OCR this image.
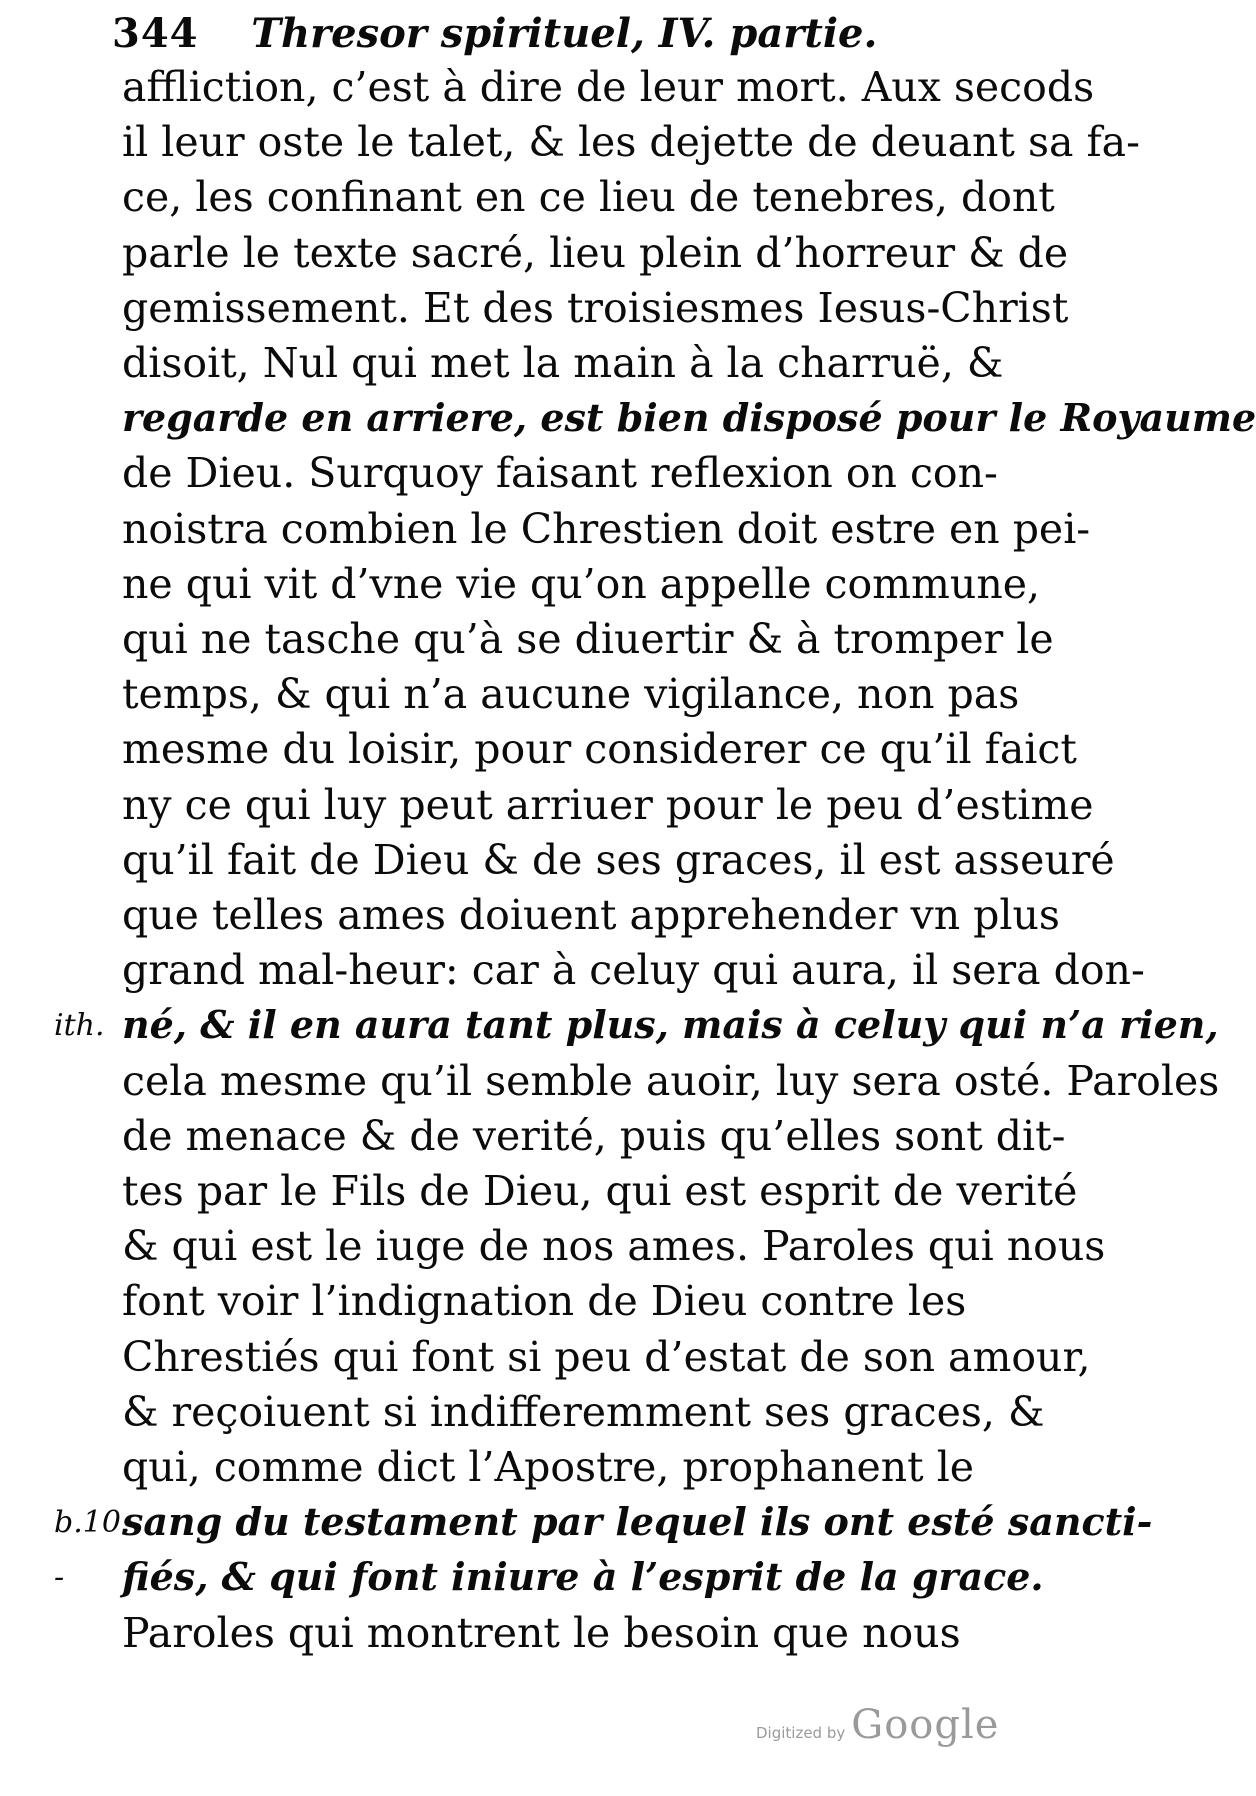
344 Thresor spirituel, IV. partie.
affliction, c’est à dire de leur mort. Aux secods
il leur oste le talet, & les dejette de deuant sa fa-
ce, les confinant en ce lieu de tenebres, dont
parle le texte sacré, lieu plein d’horreur & de
gemissement. Et des troisiesmes Iesus-Christ
disoit, Nul qui met la main à la charruë, &
regarde en arriere, est bien disposé pour le Royaume
de Dieu. Surquoy faisant reflexion on con-
noistra combien le Chrestien doit estre en pei-
ne qui vit d’vne vie qu’on appelle commune,
qui ne tasche qu’à se diuertir & à tromper le
temps, & qui n’a aucune vigilance, non pas
mesme du loisir, pour considerer ce qu’il faict
ny ce qui luy peut arriuer pour le peu d’estime
qu’il fait de Dieu & de ses graces, il est asseuré
que telles ames doiuent apprehender vn plus
grand mal-heur: car à celuy qui aura, il sera don-
né, & il en aura tant plus, mais à celuy qui n’a rien,
cela mesme qu’il semble auoir, luy sera osté. Paroles
de menace & de verité, puis qu’elles sont dit-
tes par le Fils de Dieu, qui est esprit de verité
& qui est le iuge de nos ames. Paroles qui nous
font voir l’indignation de Dieu contre les
Chrestiés qui font si peu d’estat de son amour,
& reçoiuent si indifferemment ses graces, &
qui, comme dict l’Apostre, prophanent le
sang du testament par lequel ils ont esté sancti-
fiés, & qui font iniure à l’esprit de la grace.
Paroles qui montrent le besoin que nous
ith.
b.10.
-
Digitized by Google
